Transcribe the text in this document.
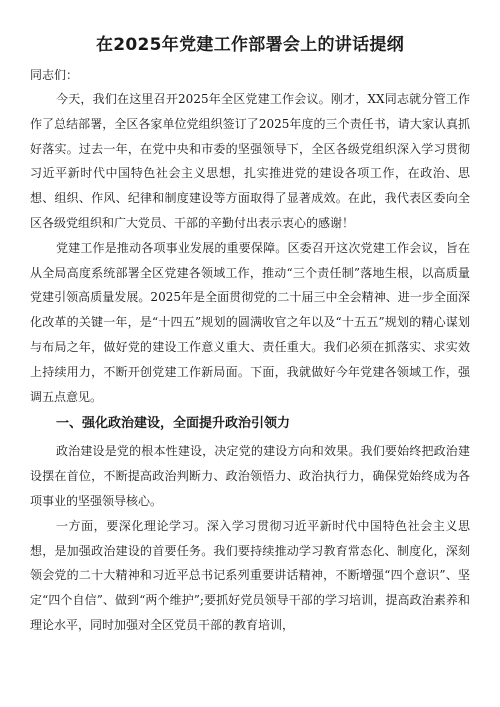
在2025年党建工作部署会上的讲话提纲

同志们：

今天，我们在这里召开2025年全区党建工作会议。刚才，XX同志就分管工作作了总结部署，全区各家单位党组织签订了2025年度的三个责任书，请大家认真抓好落实。过去一年，在党中央和市委的坚强领导下，全区各级党组织深入学习贯彻习近平新时代中国特色社会主义思想，扎实推进党的建设各项工作，在政治、思想、组织、作风、纪律和制度建设等方面取得了显著成效。在此，我代表区委向全区各级党组织和广大党员、干部的辛勤付出表示衷心的感谢！

党建工作是推动各项事业发展的重要保障。区委召开这次党建工作会议，旨在从全局高度系统部署全区党建各领域工作，推动“三个责任制”落地生根，以高质量党建引领高质量发展。2025年是全面贯彻党的二十届三中全会精神、进一步全面深化改革的关键一年，是“十四五”规划的圆满收官之年以及“十五五”规划的精心谋划与布局之年，做好党的建设工作意义重大、责任重大。我们必须在抓落实、求实效上持续用力，不断开创党建工作新局面。下面，我就做好今年党建各领域工作，强调五点意见。

一、强化政治建设，全面提升政治引领力

政治建设是党的根本性建设，决定党的建设方向和效果。我们要始终把政治建设摆在首位，不断提高政治判断力、政治领悟力、政治执行力，确保党始终成为各项事业的坚强领导核心。

一方面，要深化理论学习。深入学习贯彻习近平新时代中国特色社会主义思想，是加强政治建设的首要任务。我们要持续推动学习教育常态化、制度化，深刻领会党的二十大精神和习近平总书记系列重要讲话精神，不断增强“四个意识”、坚定“四个自信”、做到“两个维护”;要抓好党员领导干部的学习培训，提高政治素养和理论水平，同时加强对全区党员干部的教育培训，
